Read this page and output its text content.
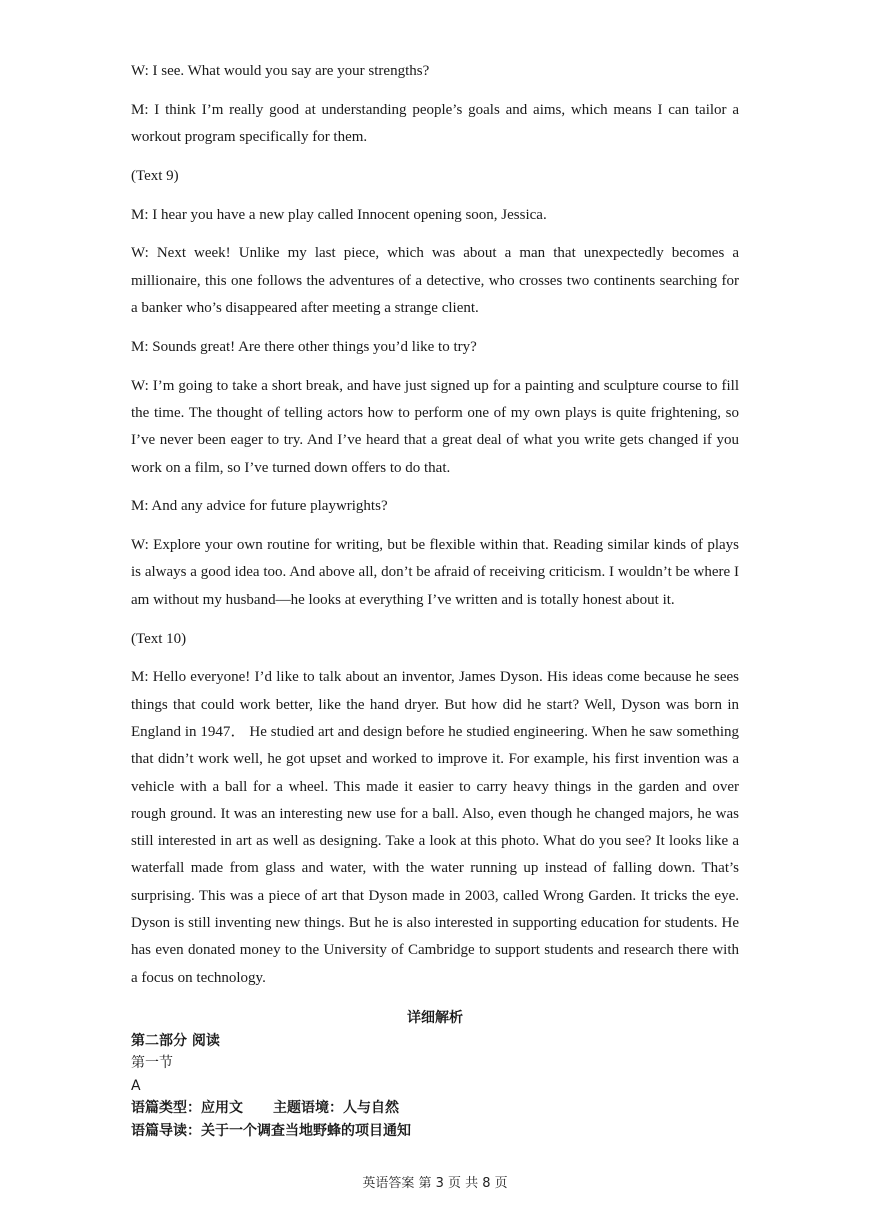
W: I see. What would you say are your strengths?

M: I think I’m really good at understanding people’s goals and aims, which means I can tailor a workout program specifically for them.

(Text 9)

M: I hear you have a new play called Innocent opening soon, Jessica.

W: Next week! Unlike my last piece, which was about a man that unexpectedly becomes a millionaire, this one follows the adventures of a detective, who crosses two continents searching for a banker who’s disappeared after meeting a strange client.

M: Sounds great! Are there other things you’d like to try?

W: I’m going to take a short break, and have just signed up for a painting and sculpture course to fill the time. The thought of telling actors how to perform one of my own plays is quite frightening, so I’ve never been eager to try. And I’ve heard that a great deal of what you write gets changed if you work on a film, so I’ve turned down offers to do that.

M: And any advice for future playwrights?

W: Explore your own routine for writing, but be flexible within that. Reading similar kinds of plays is always a good idea too. And above all, don’t be afraid of receiving criticism. I wouldn’t be where I am without my husband—he looks at everything I’ve written and is totally honest about it.

(Text 10)

M: Hello everyone! I’d like to talk about an inventor, James Dyson. His ideas come because he sees things that could work better, like the hand dryer. But how did he start? Well, Dyson was born in England in 1947． He studied art and design before he studied engineering. When he saw something that didn’t work well, he got upset and worked to improve it. For example, his first invention was a vehicle with a ball for a wheel. This made it easier to carry heavy things in the garden and over rough ground. It was an interesting new use for a ball. Also, even though he changed majors, he was still interested in art as well as designing. Take a look at this photo. What do you see? It looks like a waterfall made from glass and water, with the water running up instead of falling down. That’s surprising. This was a piece of art that Dyson made in 2003, called Wrong Garden. It tricks the eye. Dyson is still inventing new things. But he is also interested in supporting education for students. He has even donated money to the University of Cambridge to support students and research there with a focus on technology.

详细解析

第二部分 阅读

第一节

A

语篇类型：应用文 主题语境：人与自然

语篇导读：关于一个调查当地野蜂的项目通知

英语答案 第 3 页 共 8 页
